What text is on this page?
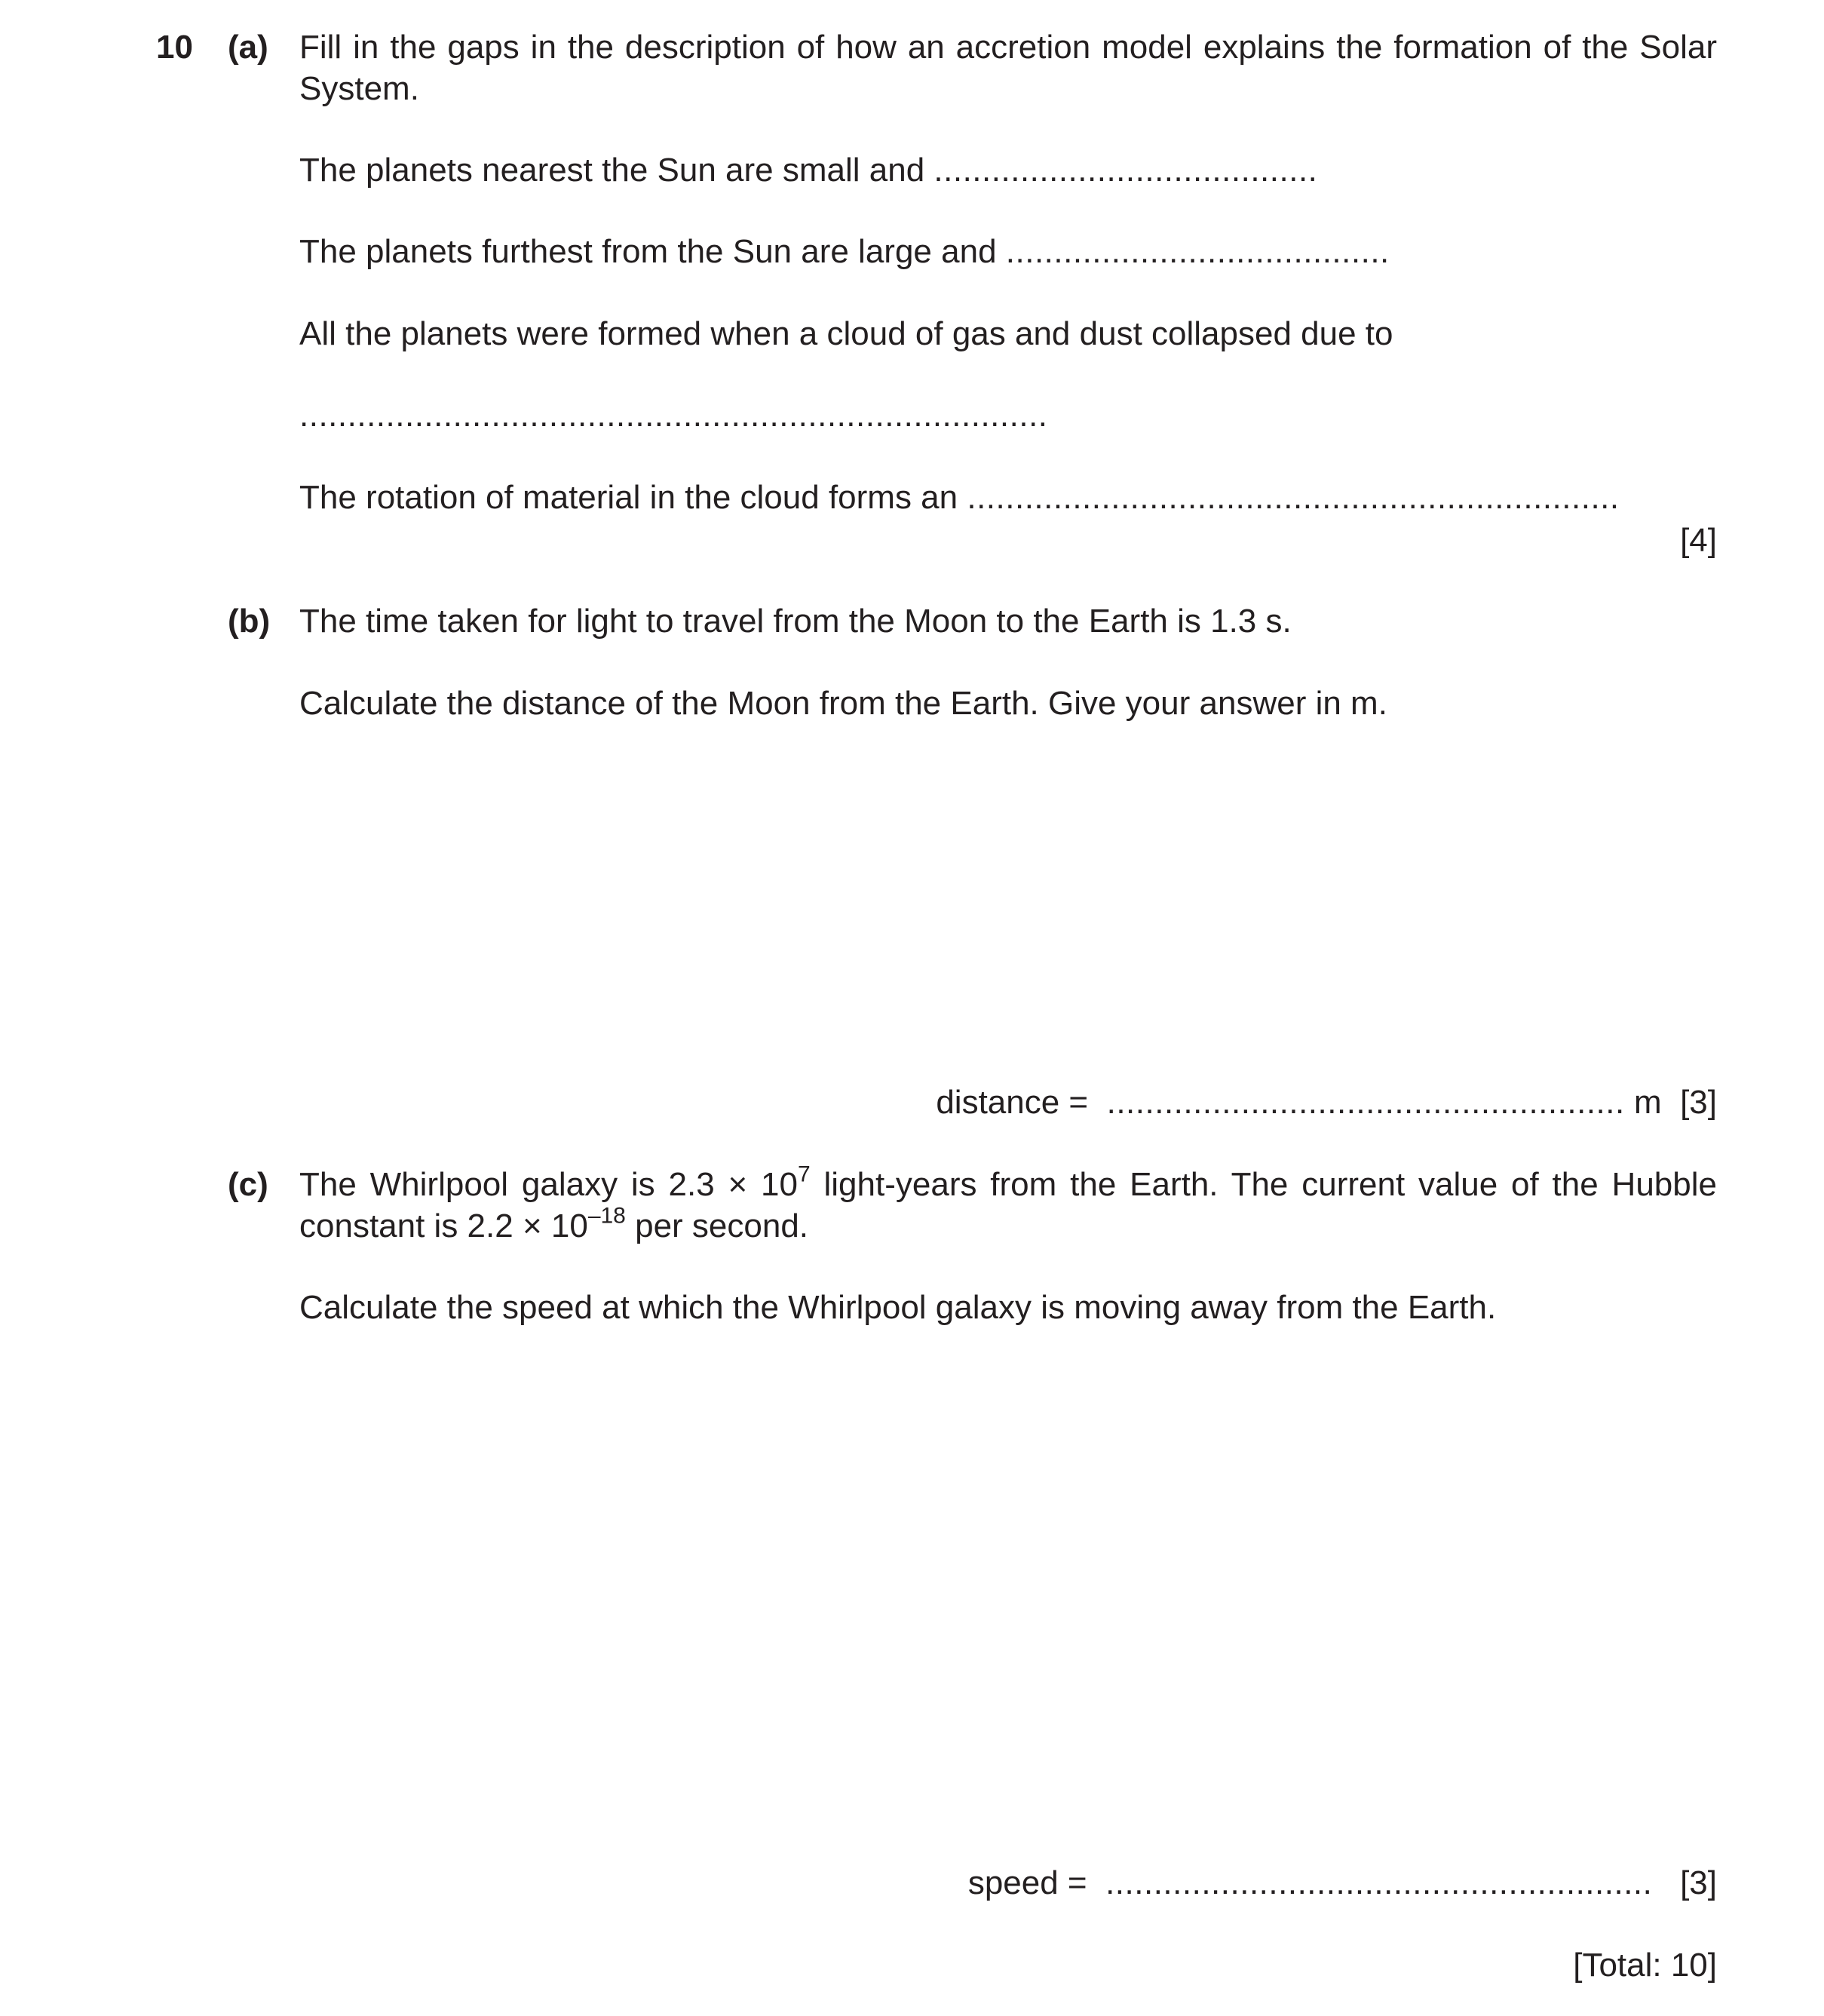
10 (a) Fill in the gaps in the description of how an accretion model explains the formation of the Solar System.
The planets nearest the Sun are small and ........................................
The planets furthest from the Sun are large and ........................................
All the planets were formed when a cloud of gas and dust collapsed due to
..............................................................................
The rotation of material in the cloud forms an ....................................................................
[4]
(b) The time taken for light to travel from the Moon to the Earth is 1.3 s.
Calculate the distance of the Moon from the Earth. Give your answer in m.
distance = ...................................................... m [3]
(c) The Whirlpool galaxy is $2.3 \times 10^7$ light-years from the Earth. The current value of the Hubble constant is $2.2 \times 10^{-18}$ per second.
Calculate the speed at which the Whirlpool galaxy is moving away from the Earth.
speed = ......................................................... [3]
[Total: 10]
